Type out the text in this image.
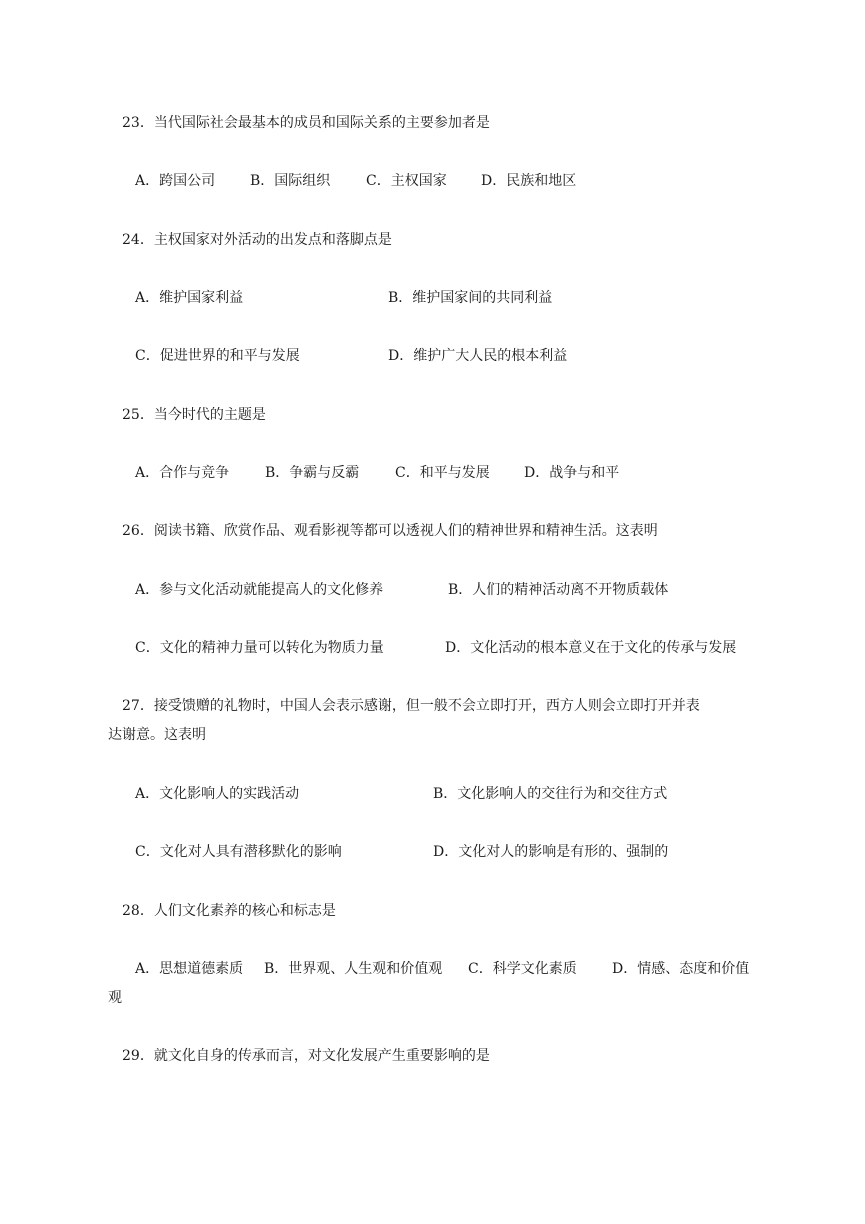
23．当代国际社会最基本的成员和国际关系的主要参加者是
A．跨国公司 B．国际组织	C．主权国家 D．民族和地区
24．主权国家对外活动的出发点和落脚点是
A．维护国家利益	B．维护国家间的共同利益
C．促进世界的和平与发展	D．维护广大人民的根本利益
25．当今时代的主题是
A．合作与竞争	B．争霸与反霸	C．和平与发展 D．战争与和平
26．阅读书籍、欣赏作品、观看影视等都可以透视人们的精神世界和精神生活。这表明
A．参与文化活动就能提高人的文化修养	B．人们的精神活动离不开物质载体
C．文化的精神力量可以转化为物质力量	D．文化活动的根本意义在于文化的传承与发展
27．接受馈赠的礼物时，中国人会表示感谢，但一般不会立即打开，西方人则会立即打开并表
达谢意。这表明
A．文化影响人的实践活动	B．文化影响人的交往行为和交往方式
C．文化对人具有潜移默化的影响	D．文化对人的影响是有形的、强制的
28．人们文化素养的核心和标志是
A．思想道德素质 B．世界观、人生观和价值观 C．科学文化素质	D．情感、态度和价值
观
29．就文化自身的传承而言，对文化发展产生重要影响的是
